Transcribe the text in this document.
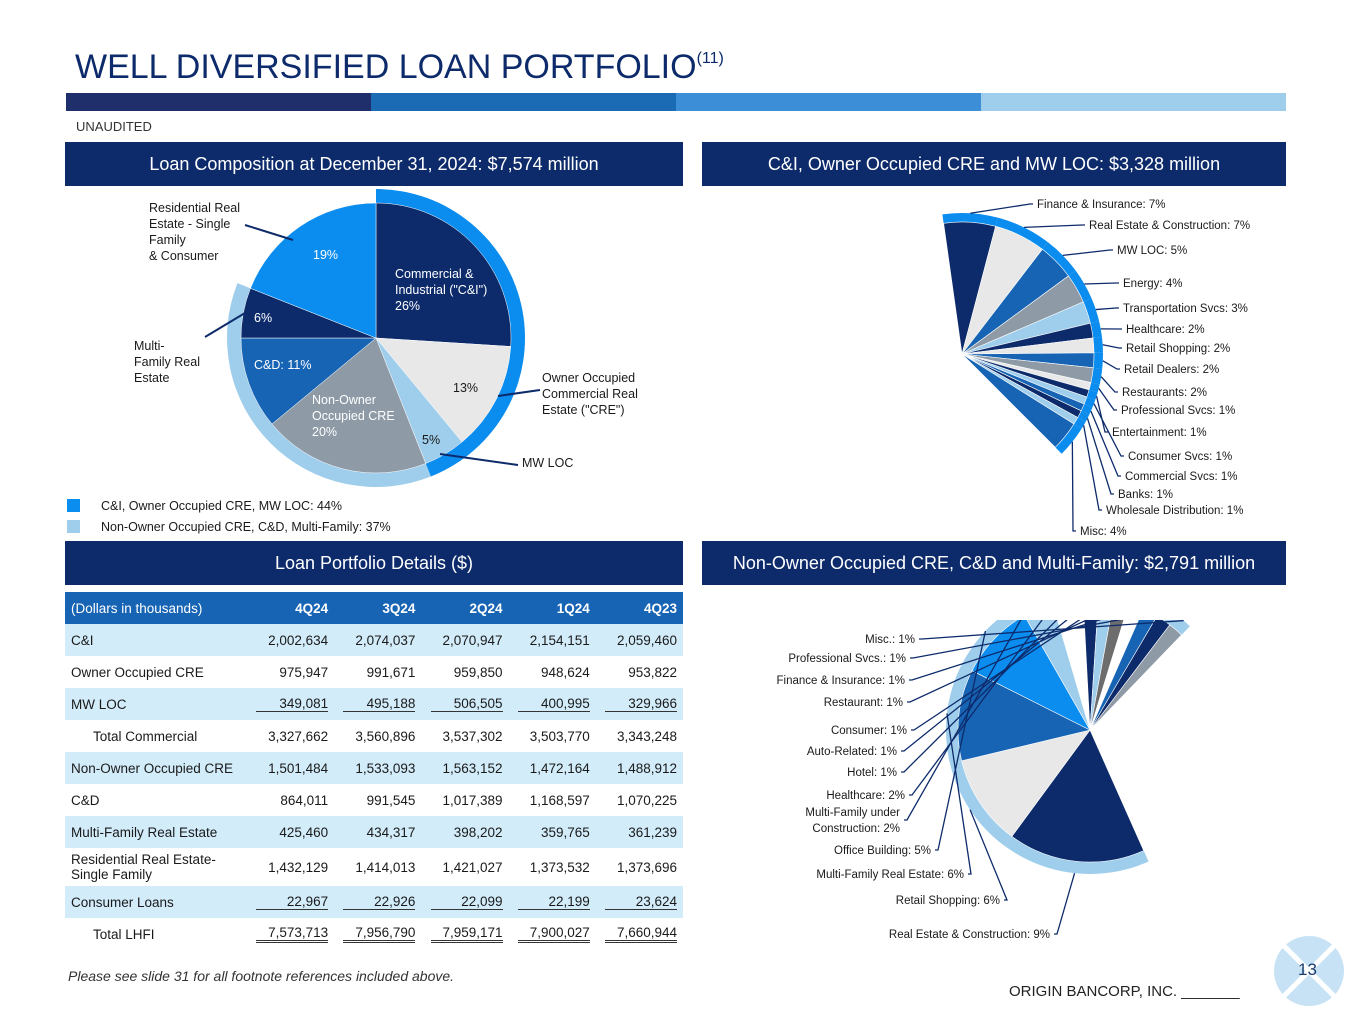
WELL DIVERSIFIED LOAN PORTFOLIO$^{(11)}$
UNAUDITED
Loan Composition at December 31, 2024: $7,574 million	C&I, Owner Occupied CRE and MW LOC: $3,328 million
Loan Portfolio Details ($)	Non-Owner Occupied CRE, C&D and Multi-Family: $2,791 million
Commercial & Industrial ("C&I") 26%
13%
5%
Non-Owner Occupied CRE 20%
C&D: 11%
6%
19%
Residential Real Estate - Single Family & Consumer
Multi-Family Real Estate	Owner Occupied Commercial Real Estate ("CRE")
MW LOC
C&I, Owner Occupied CRE, MW LOC: 44%
Non-Owner Occupied CRE, C&D, Multi-Family: 37%
Finance & Insurance: 7%
Real Estate & Construction: 7%
MW LOC: 5%
Energy: 4%
Transportation Svcs: 3%
Healthcare: 2%
Retail Shopping: 2%
Retail Dealers: 2%
Restaurants: 2%
Professional Svcs: 1%
Entertainment: 1%
Consumer Svcs: 1%
Commercial Svcs: 1%
Banks: 1%
Wholesale Distribution: 1%
Misc: 4%
Real Estate & Construction: 9%
Retail Shopping: 6%
Multi-Family Real Estate: 6%
Office Building: 5%
Multi-Family under Construction: 2%
Healthcare: 2%
Hotel: 1%
Auto-Related: 1%
Consumer: 1%
Restaurant: 1%
Finance & Insurance: 1%
Professional Svcs.: 1%
Misc.: 1%
(Dollars in thousands)	4Q24	3Q24	2Q24	1Q24	4Q23
C&I	2,002,634	2,074,037	2,070,947	2,154,151	2,059,460
Owner Occupied CRE	975,947	991,671	959,850	948,624	953,822
MW LOC	349,081	495,188	506,505	400,995	329,966
Total Commercial	3,327,662	3,560,896	3,537,302	3,503,770	3,343,248
Non-Owner Occupied CRE	1,501,484	1,533,093	1,563,152	1,472,164	1,488,912
C&D	864,011	991,545	1,017,389	1,168,597	1,070,225
Multi-Family Real Estate	425,460	434,317	398,202	359,765	361,239
Residential Real Estate-
Single Family	1,432,129	1,414,013	1,421,027	1,373,532	1,373,696
Consumer Loans	22,967	22,926	22,099	22,199	23,624
Total LHFI	7,573,713	7,956,790	7,959,171	7,900,027	7,660,944
Please see slide 31 for all footnote references included above.
ORIGIN BANCORP, INC. _______
13
